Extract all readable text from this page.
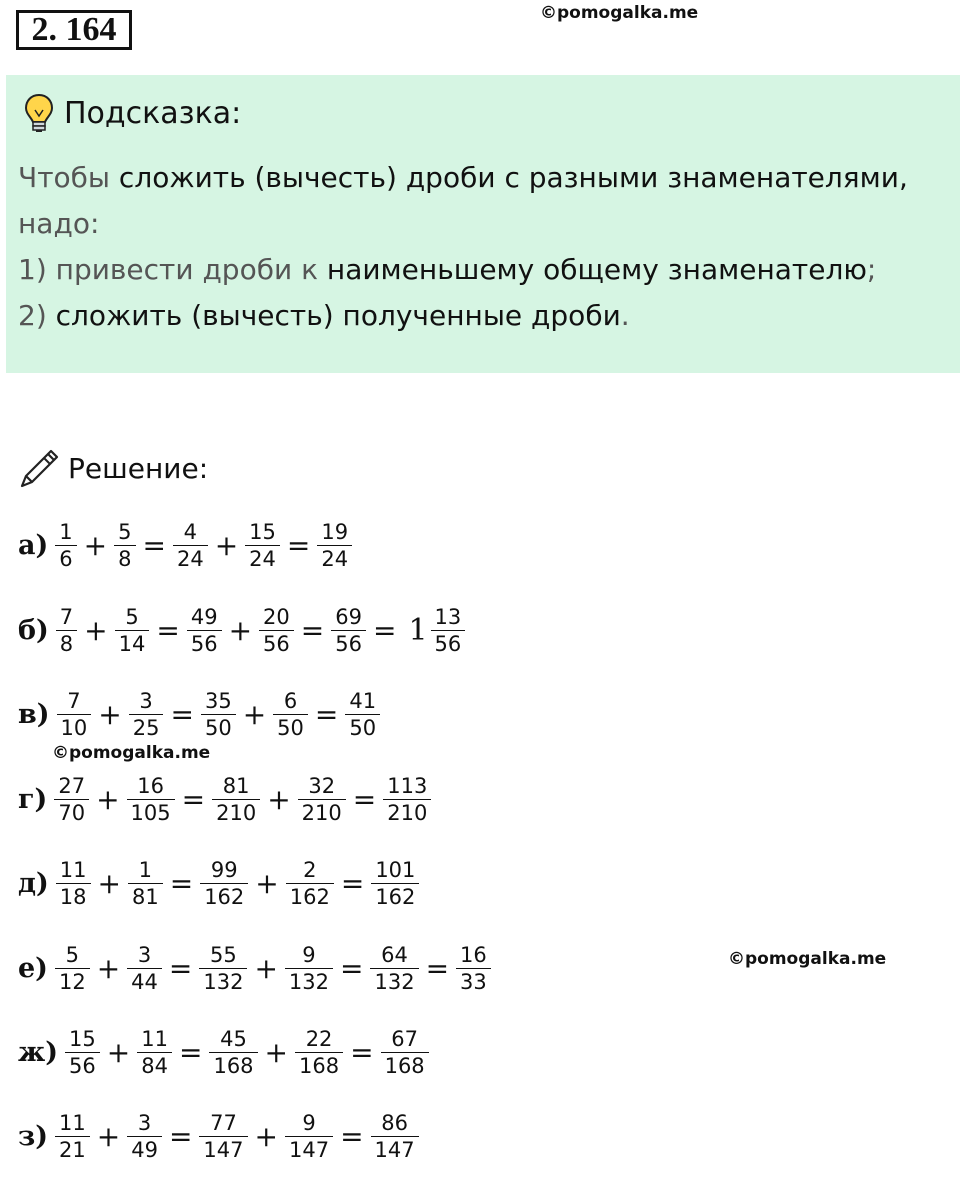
2. 164	©pomogalka.me
Подсказка:
Чтобы сложить (вычесть) дроби с разными знаменателями,
надо:
1) привести дроби к наименьшему общему знаменателю;
2) сложить (вычесть) полученные дроби.
Решение:
$а) \frac{1}{6} + \frac{5}{8} = \frac{4}{24} + \frac{15}{24} = \frac{19}{24}$
$б) \frac{7}{8} + \frac{5}{14} = \frac{49}{56} + \frac{20}{56} = \frac{69}{56} = 1 \frac{13}{56}$
$в) \frac{7}{10} + \frac{3}{25} = \frac{35}{50} + \frac{6}{50} = \frac{41}{50}$
$г) \frac{27}{70} + \frac{16}{105} = \frac{81}{210} + \frac{32}{210} = \frac{113}{210}$
$д) \frac{11}{18} + \frac{1}{81} = \frac{99}{162} + \frac{2}{162} = \frac{101}{162}$
$е) \frac{5}{12} + \frac{3}{44} = \frac{55}{132} + \frac{9}{132} = \frac{64}{132} = \frac{16}{33}$
$ж) \frac{15}{56} + \frac{11}{84} = \frac{45}{168} + \frac{22}{168} = \frac{67}{168}$
$з) \frac{11}{21} + \frac{3}{49} = \frac{77}{147} + \frac{9}{147} = \frac{86}{147}$
©pomogalka.me
©pomogalka.me
